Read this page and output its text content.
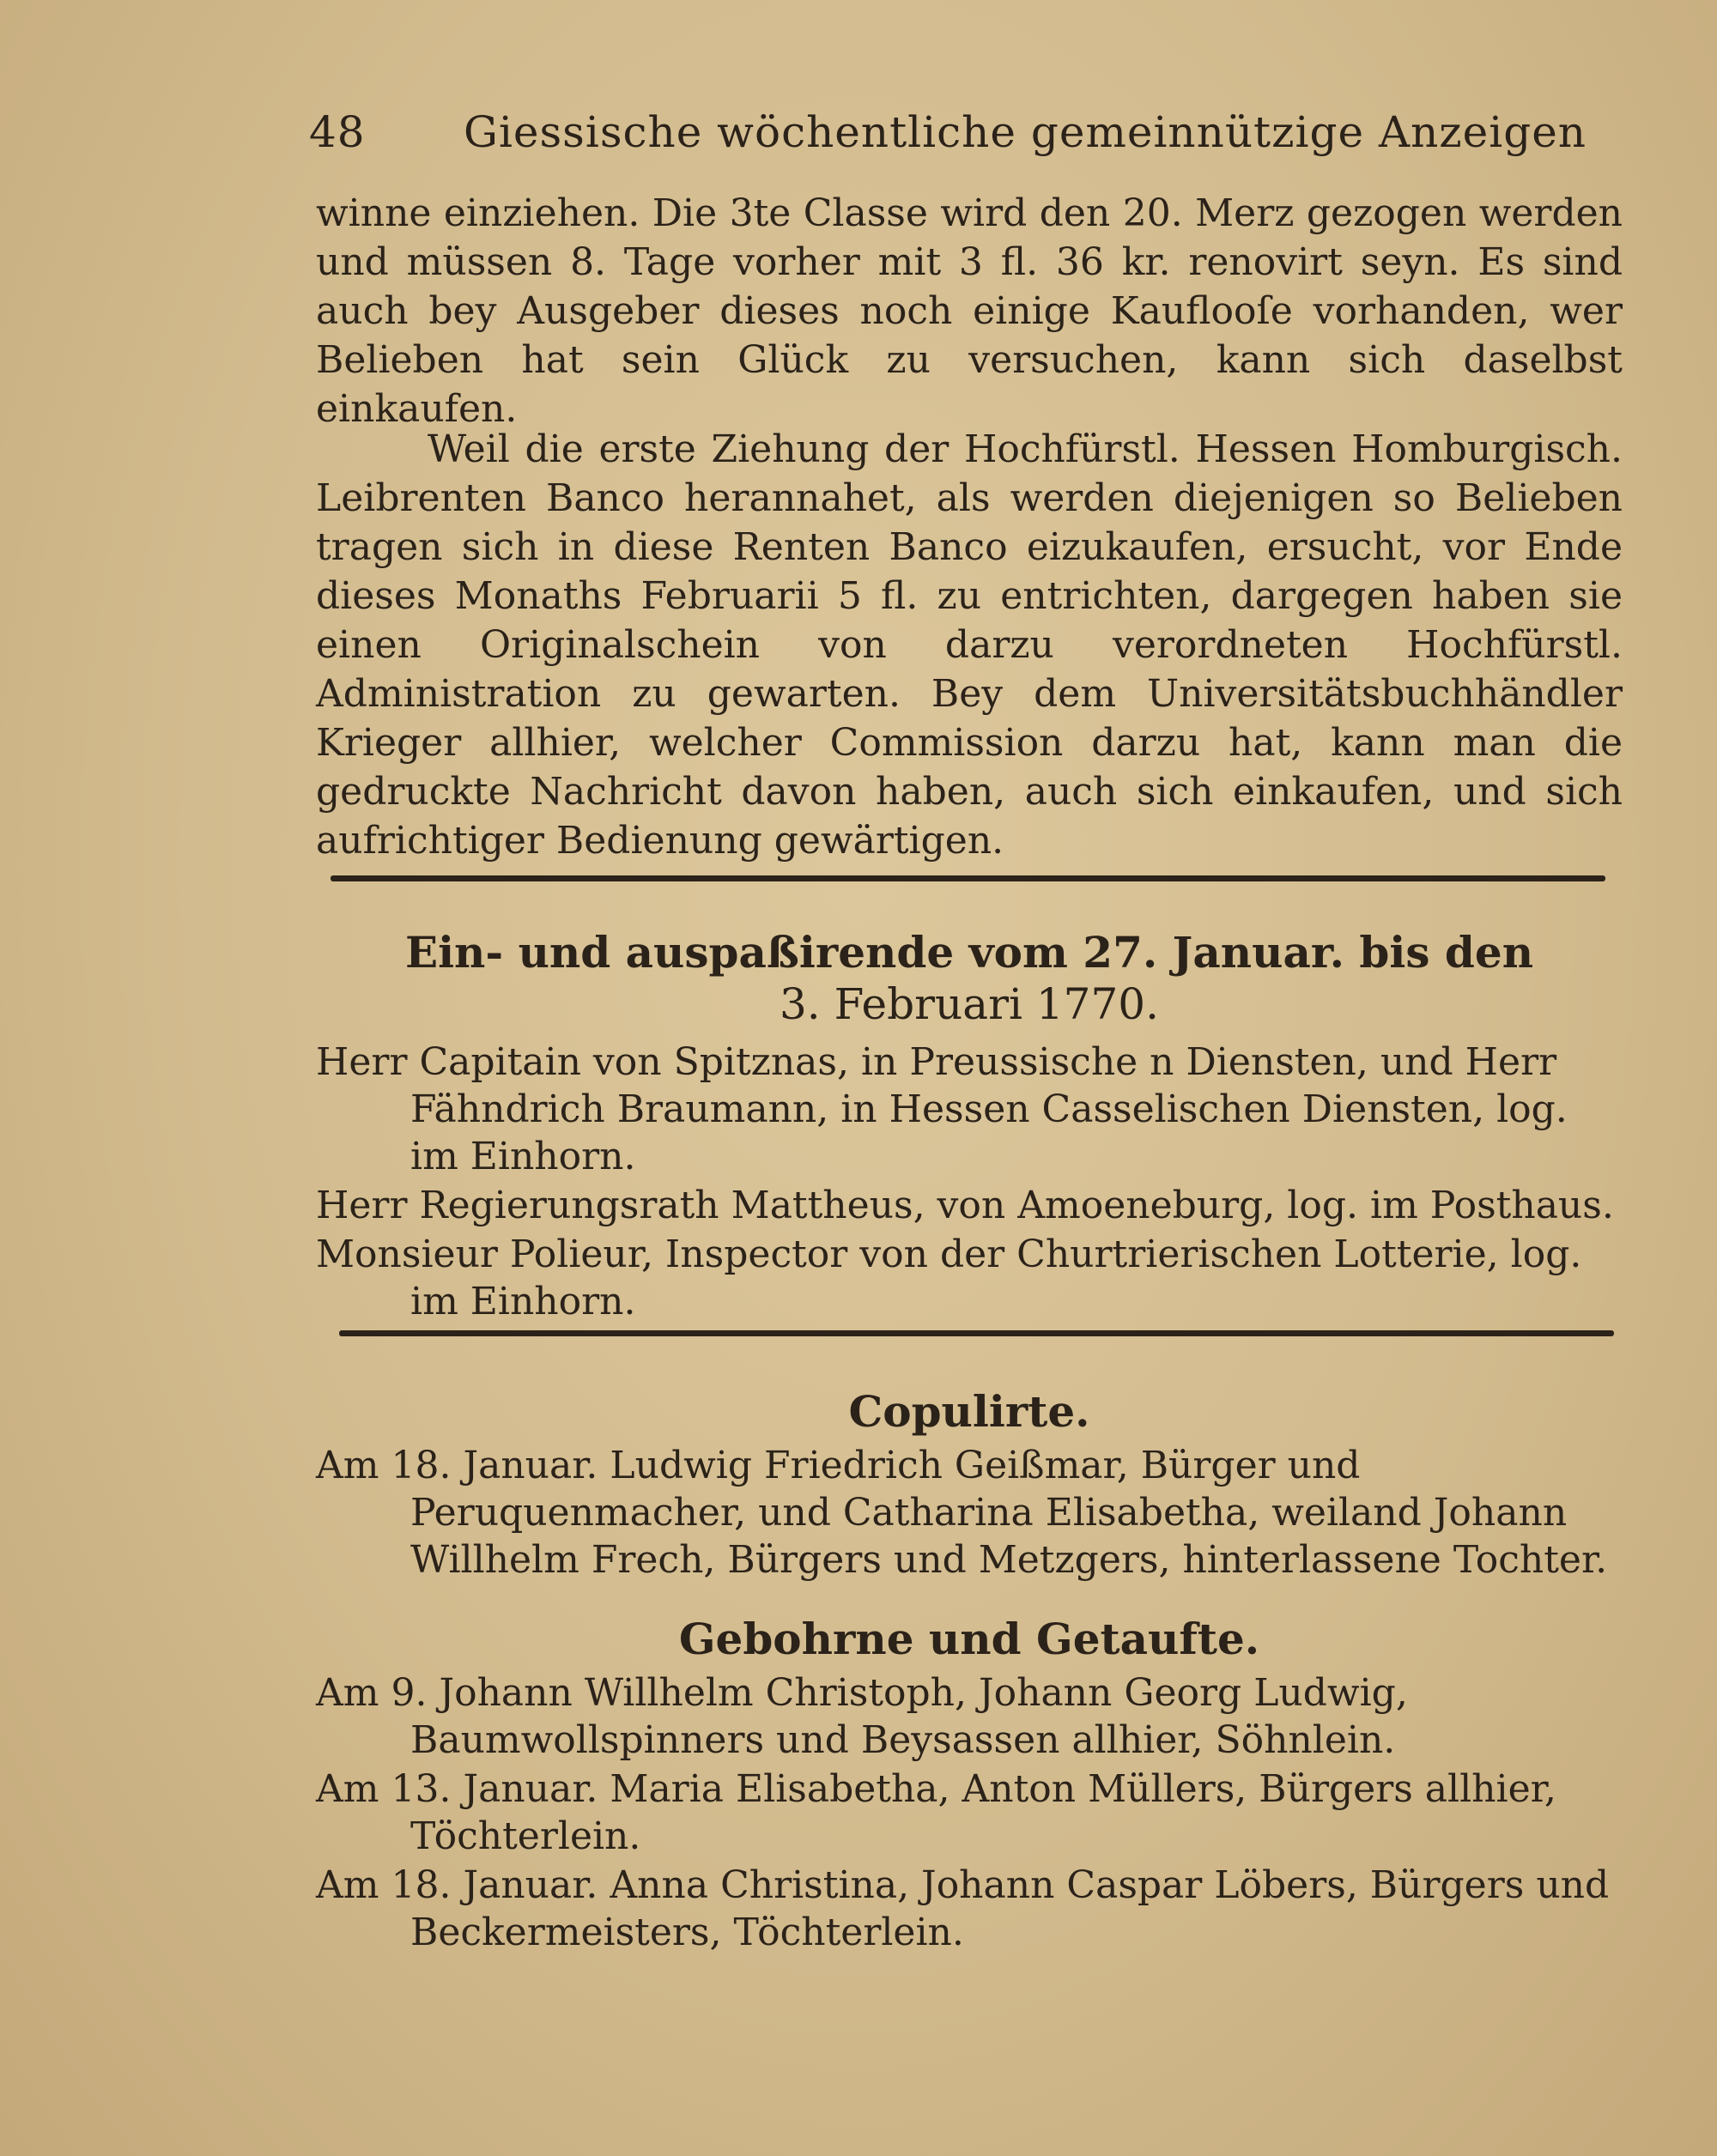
48 Giessische wöchentliche gemeinnützige Anzeigen
winne einziehen. Die 3te Classe wird den 20. Merz gezogen werden und müssen 8. Tage vorher mit 3 fl. 36 kr. renovirt seyn. Es sind auch bey Ausgeber dieses noch einige Kauflooſe vorhanden, wer Belieben hat sein Glück zu versuchen, kann sich daselbst einkaufen.
Weil die erste Ziehung der Hochfürstl. Hessen Homburgisch. Leibrenten Banco herannahet, als werden diejenigen so Belieben tragen sich in diese Renten Banco eizukaufen, ersucht, vor Ende dieses Monaths Februarii 5 fl. zu entrichten, dargegen haben sie einen Originalschein von darzu verordneten Hochfürstl. Administration zu gewarten. Bey dem Universitätsbuchhändler Krieger allhier, welcher Commission darzu hat, kann man die gedruckte Nachricht davon haben, auch sich einkaufen, und sich aufrichtiger Bedienung gewärtigen.
Ein- und auspaßirende vom 27. Januar. bis den
3. Februari 1770.

Herr Capitain von Spitznas, in Preussische n Diensten, und Herr Fähndrich Braumann, in Hessen Casselischen Diensten, log. im Einhorn.

Herr Regierungsrath Mattheus, von Amoeneburg, log. im Posthaus.

Monsieur Polieur, Inspector von der Churtrierischen Lotterie, log. im Einhorn.

Copulirte.

Am 18. Januar. Ludwig Friedrich Geißmar, Bürger und Peruquenmacher, und Catharina Elisabetha, weiland Johann Willhelm Frech, Bürgers und Metzgers, hinterlassene Tochter.

Gebohrne und Getaufte.

Am 9. Johann Willhelm Christoph, Johann Georg Ludwig, Baumwollspinners und Beysassen allhier, Söhnlein.

Am 13. Januar. Maria Elisabetha, Anton Müllers, Bürgers allhier, Töchterlein.

Am 18. Januar. Anna Christina, Johann Caspar Löbers, Bürgers und Beckermeisters, Töchterlein.
